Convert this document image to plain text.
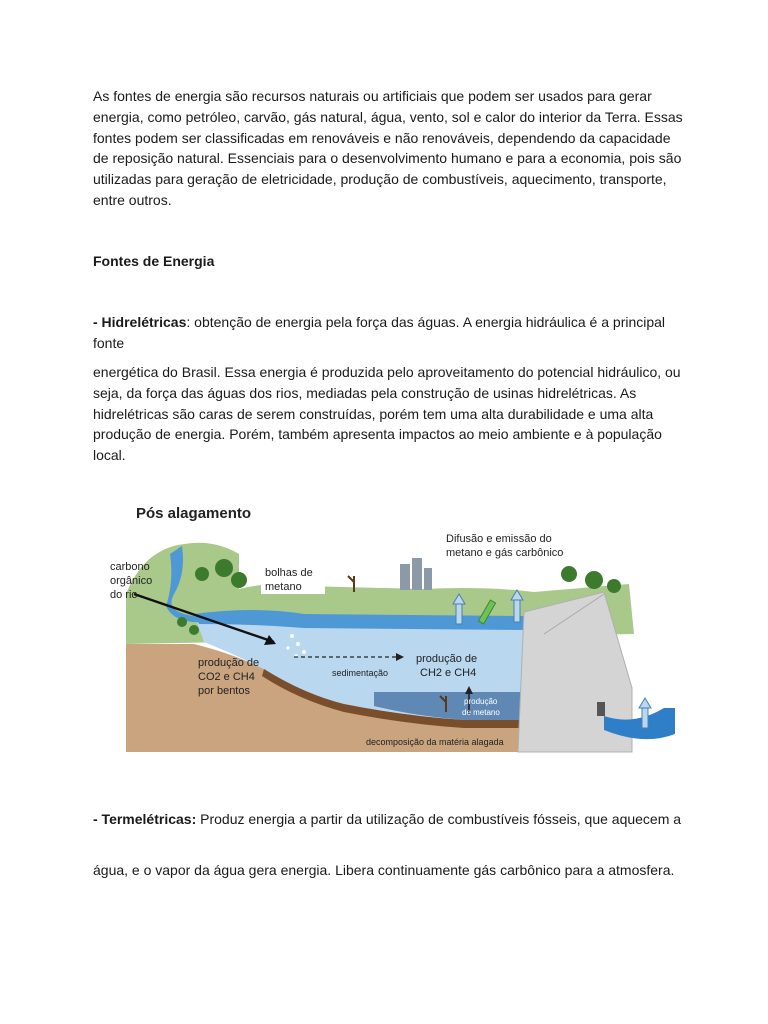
As fontes de energia são recursos naturais ou artificiais que podem ser usados para gerar energia, como petróleo, carvão, gás natural, água, vento, sol e calor do interior da Terra. Essas fontes podem ser classificadas em renováveis e não renováveis, dependendo da capacidade de reposição natural. Essenciais para o desenvolvimento humano e para a economia, pois são utilizadas para geração de eletricidade, produção de combustíveis, aquecimento, transporte, entre outros.

Fontes de Energia

- Hidrelétricas: obtenção de energia pela força das águas. A energia hidráulica é a principal fonte

energética do Brasil. Essa energia é produzida pelo aproveitamento do potencial hidráulico, ou seja, da força das águas dos rios, mediadas pela construção de usinas hidrelétricas. As hidrelétricas são caras de serem construídas, porém tem uma alta durabilidade e uma alta produção de energia. Porém, também apresenta impactos ao meio ambiente e à população local.

Pós alagamento
carbono
orgânico
do rio
bolhas de
metano
Difusão e emissão do
metano e gás carbônico
produção de
CO2 e CH4
por bentos
sedimentação
produção de
CH2 e CH4
produção
de metano
decomposição da matéria alagada

- Termelétricas: Produz energia a partir da utilização de combustíveis fósseis, que aquecem a

água, e o vapor da água gera energia. Libera continuamente gás carbônico para a atmosfera.
